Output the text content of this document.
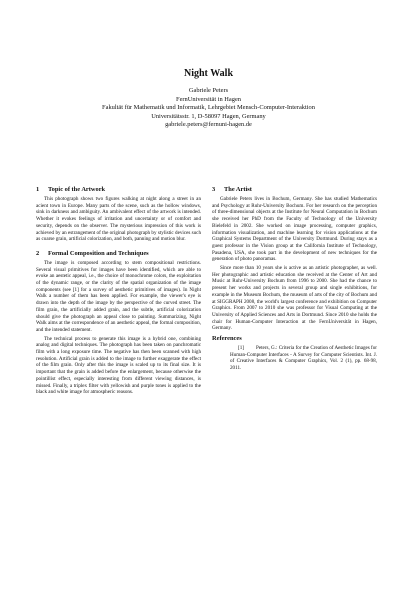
Night Walk
Gabriele Peters
FernUniversität in Hagen
Fakultät für Mathematik und Informatik, Lehrgebiet Mensch-Computer-Interaktion
Universitätsstr. 1, D-58097 Hagen, Germany
gabriele.peters@fernuni-hagen.de
1 Topic of the Artwork

This photograph shows two figures walking at night along a street in an acient town in Europe. Many parts of the scene, such as the hollow windows, sink in darkness and ambiguity. An ambivalent effect of the artwork is intended. Whether it evokes feelings of irritation and uncertainty or of comfort and security, depends on the observer. The mysterious impression of this work is achieved by an estrangement of the original photograph by stylistic devices such as coarse grain, artificial colorization, and both, panning and motion blur.

2 Formal Composition and Techniques

The image is composed according to stem compositional restrictions. Several visual primitives for images have been identified, which are able to evoke an aestetic appeal, i.e., the choice of monochrome colors, the exploitation of the dynamic range, or the clarity of the spatial organization of the image components (see [1] for a survey of aesthetic primitives of images). In Night Walk a number of them has been applied. For example, the viewer's eye is drawn into the depth of the image by the perspective of the curved street. The film grain, the artificially added grain, and the subtle, artificial colorization should give the photograph an appeal close to painting. Summarizing, Night Walk aims at the correspondence of an aesthetic appeal, the formal composition, and the intended statement.

The technical process to generate this image is a hybrid one, combining analog and digital techniques. The photograph has been taken on panchromatic film with a long exposure time. The negative has then been scanned with high resolution. Artificial grain is added to the image to further exaggerate the effect of the film grain. Only after this the image is scaled up to its final size. It is important that the grain is added before the enlargement, because otherwise the pointillist effect, especially interesting from different viewing distances, is missed. Finally, a triplex filter with yellowish and purple tones is applied to the black and white image for atmospheric reasons.

3 The Artist

Gabriele Peters lives in Bochum, Germany. She has studied Mathematics and Psychology at Ruhr-University Bochum. For her research on the perception of three-dimensional objects at the Institute for Neural Computation in Bochum she received her PhD from the Faculty of Technology of the University Bielefeld in 2002. She worked on image processing, computer graphics, information visualization, and machine learning for vision applications at the Graphical Systems Department of the University Dortmund. During stays as a guest professor in the Vision group at the California Institute of Technology, Pasadena, USA, she took part in the development of new techniques for the generation of photo panoramas.

Since more than 10 years she is active as an artistic photographer, as well. Her photographic and artistic education she received at the Center of Art and Music at Ruhr-University Bochum from 1996 to 2000. She had the chance to present her works and projects in several group and single exhibitions, for example in the Museum Bochum, the museum of arts of the city of Bochum and at SIGGRAPH 2008, the world's largest conference and exhibition on Computer Graphics. From 2007 to 2010 she was professor for Visual Computing at the University of Applied Sciences and Arts in Dortmund. Since 2010 she holds the chair for Human-Computer Interaction at the FernUniversität in Hagen, Germany.

References

[1] Peters, G.: Criteria for the Creation of Aesthetic Images for Human-Computer Interfaces - A Survey for Computer Scientists. Int. J. of Creative Interfaces & Computer Graphics, Vol. 2 (1), pp. 68-98, 2011.
